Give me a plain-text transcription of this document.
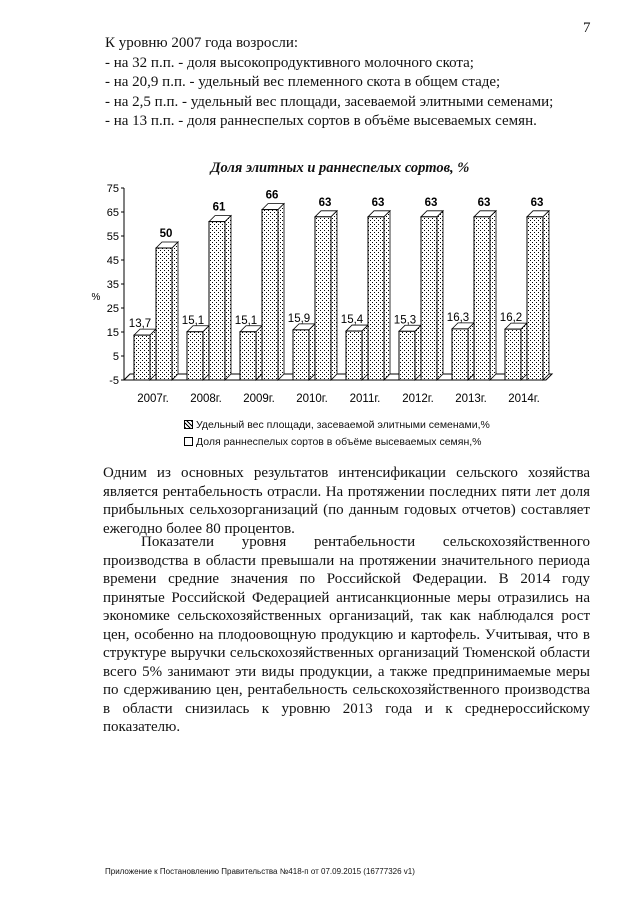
7
К уровню 2007 года возросли:
- на 32 п.п. - доля высокопродуктивного молочного скота;
- на 20,9 п.п. - удельный вес племенного скота в общем стаде;
- на 2,5 п.п. - удельный вес площади, засеваемой элитными семенами;
- на 13 п.п. - доля раннеспелых сортов в объёме высеваемых семян.
Доля элитных и раннеспелых сортов, %
-5
5
15
25
35
45
55
65
75
%
13,7
50
2007г.
15,1
61
2008г.
15,1
66
2009г.
15,9
63
2010г.
15,4
63
2011г.
15,3
63
2012г.
16,3
63
2013г.
16,2
63
2014г.
Удельный вес площади, засеваемой элитными семенами,%
Доля раннеспелых сортов в объёме высеваемых семян,%

Одним из основных результатов интенсификации сельского хозяйства является рентабельность отрасли. На протяжении последних пяти лет доля прибыльных сельхозорганизаций (по данным годовых отчетов) составляет ежегодно более 80 процентов.

Показатели уровня рентабельности сельскохозяйственного производства в области превышали на протяжении значительного периода времени средние значения по Российской Федерации. В 2014 году принятые Российской Федерацией антисанкционные меры отразились на экономике сельскохозяйственных организаций, так как наблюдался рост цен, особенно на плодоовощную продукцию и картофель. Учитывая, что в структуре выручки сельскохозяйственных организаций Тюменской области всего 5% занимают эти виды продукции, а также предпринимаемые меры по сдерживанию цен, рентабельность сельскохозяйственного производства в области снизилась к уровню 2013 года и к среднероссийскому показателю.

Приложение к Постановлению Правительства №418-п от 07.09.2015 (16777326 v1)
